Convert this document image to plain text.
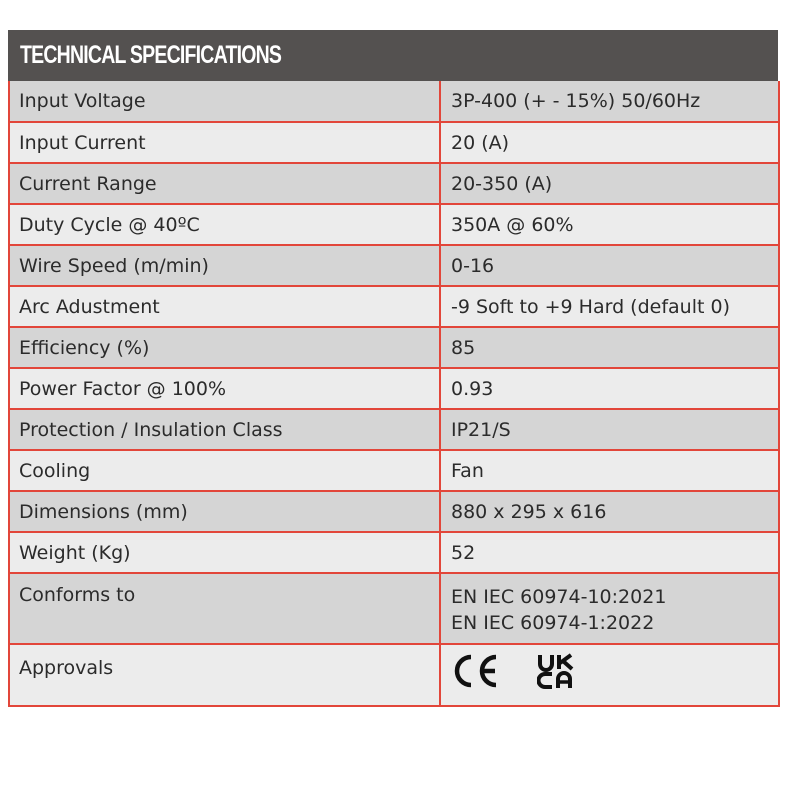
TECHNICAL SPECIFICATIONS
Input Voltage	3P-400 (+ - 15%) 50/60Hz
Input Current	20 (A)
Current Range	20-350 (A)
Duty Cycle @ 40ºC	350A @ 60%
Wire Speed (m/min)	0-16
Arc Adustment	-9 Soft to +9 Hard (default 0)
Efficiency (%)	85
Power Factor @ 100%	0.93
Protection / Insulation Class	IP21/S
Cooling	Fan
Dimensions (mm)	880 x 295 x 616
Weight (Kg)	52
Conforms to	EN IEC 60974-10:2021
EN IEC 60974-1:2022

Approvals	
